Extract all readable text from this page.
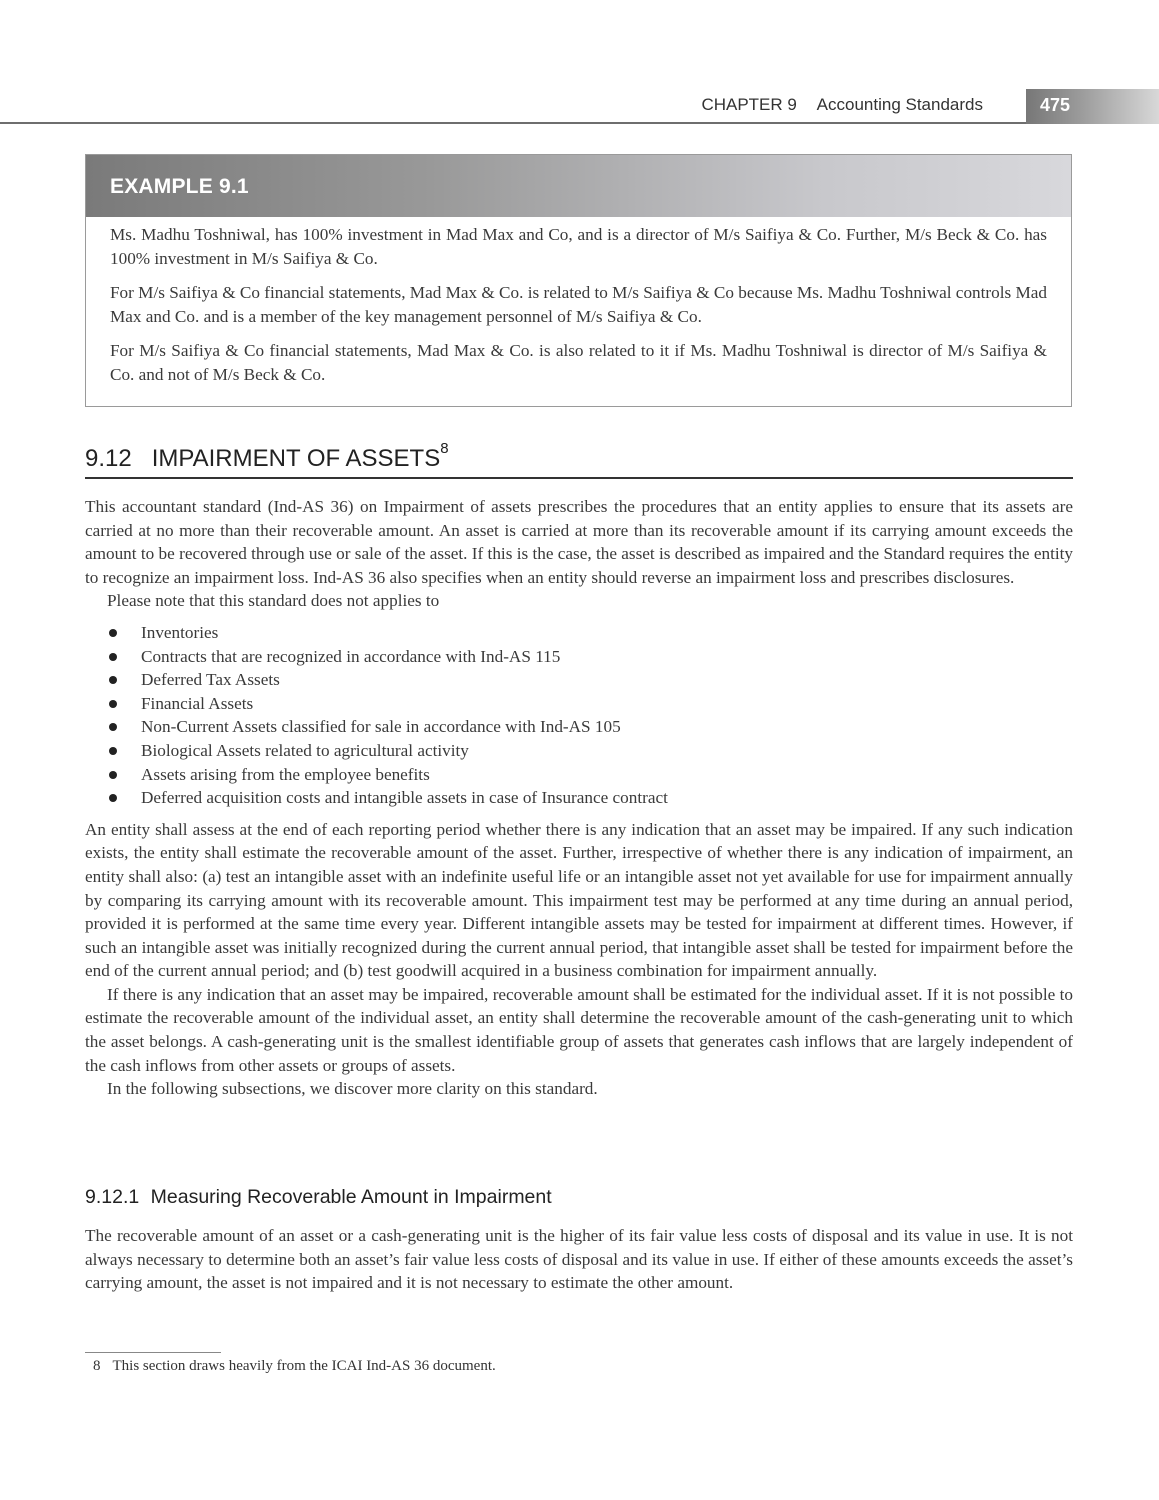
CHAPTER 9 Accounting Standards	475
EXAMPLE 9.1

Ms. Madhu Toshniwal, has 100% investment in Mad Max and Co, and is a director of M/s Saifiya & Co. Further, M/s Beck & Co. has 100% investment in M/s Saifiya & Co.

For M/s Saifiya & Co financial statements, Mad Max & Co. is related to M/s Saifiya & Co because Ms. Madhu Toshniwal controls Mad Max and Co. and is a member of the key management personnel of M/s Saifiya & Co.

For M/s Saifiya & Co financial statements, Mad Max & Co. is also related to it if Ms. Madhu Toshniwal is director of M/s Saifiya & Co. and not of M/s Beck & Co.

9.12 IMPAIRMENT OF ASSETS$^8$

This accountant standard (Ind-AS 36) on Impairment of assets prescribes the procedures that an entity applies to ensure that its assets are carried at no more than their recoverable amount. An asset is carried at more than its recoverable amount if its carrying amount exceeds the amount to be recovered through use or sale of the asset. If this is the case, the asset is described as impaired and the Standard requires the entity to recognize an impairment loss. Ind-AS 36 also specifies when an entity should reverse an impairment loss and prescribes disclosures.

Please note that this standard does not applies to

Inventories
Contracts that are recognized in accordance with Ind-AS 115
Deferred Tax Assets
Financial Assets
Non-Current Assets classified for sale in accordance with Ind-AS 105
Biological Assets related to agricultural activity
Assets arising from the employee benefits
Deferred acquisition costs and intangible assets in case of Insurance contract

An entity shall assess at the end of each reporting period whether there is any indication that an asset may be impaired. If any such indication exists, the entity shall estimate the recoverable amount of the asset. Further, irrespective of whether there is any indication of impairment, an entity shall also: (a) test an intangible asset with an indefinite useful life or an intangible asset not yet available for use for impairment annually by comparing its carrying amount with its recoverable amount. This impairment test may be performed at any time during an annual period, provided it is performed at the same time every year. Different intangible assets may be tested for impairment at different times. However, if such an intangible asset was initially recognized during the current annual period, that intangible asset shall be tested for impairment before the end of the current annual period; and (b) test goodwill acquired in a business combination for impairment annually.

If there is any indication that an asset may be impaired, recoverable amount shall be estimated for the individual asset. If it is not possible to estimate the recoverable amount of the individual asset, an entity shall determine the recoverable amount of the cash-generating unit to which the asset belongs. A cash-generating unit is the smallest identifiable group of assets that generates cash inflows that are largely independent of the cash inflows from other assets or groups of assets.

In the following subsections, we discover more clarity on this standard.

9.12.1 Measuring Recoverable Amount in Impairment

The recoverable amount of an asset or a cash-generating unit is the higher of its fair value less costs of disposal and its value in use. It is not always necessary to determine both an asset’s fair value less costs of disposal and its value in use. If either of these amounts exceeds the asset’s carrying amount, the asset is not impaired and it is not necessary to estimate the other amount.

8 This section draws heavily from the ICAI Ind-AS 36 document.
